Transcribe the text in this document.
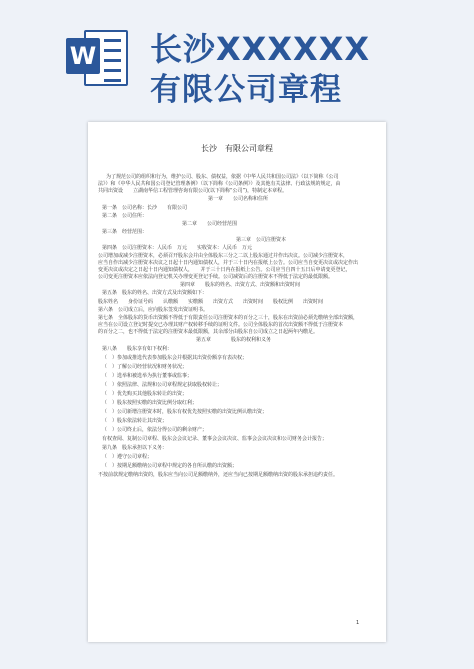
W 长沙XXXXXX
有限公司章程
长沙　有限公司章程
为了规范公司的组织和行为，维护公司、股东、债权益，依据《中华人民共和国公司法》（以下简称《公司
法》）和《中华人民共和国公司登记管理条例》（以下简称《公司条例》）及其他有关法律、行政法规的规定，由
共同出资设　　立湖南华信工程管理咨询有限公司(以下简称“公司”)，特制定本章程。
第一章　　公司名称和住所
第一条　公司名称：长沙　　有限公司
第二条　公司住所：
第二章　　公司经营范围
第三条　经营范围：
第三章　公司注册资本
第四条　公司注册资本：人民币　万元　　实收资本：人民币　万元
公司增加或减少注册资本，必须召开股东会并由全体股东三分之二以上股东通过并作出决议。公司减少注册资本，
应当自作出减少注册资本决议之日起十日内通知债权人，并于三十日内在报纸上公告。公司应当自变更决议或决定作出
变更决议或决定之日起十日内通知债权人，　　并于三十日内在报纸上公告。公司应当自四十五日后申请变更登记，
公司变更注册资本应依法向登记机关办理变更登记手续。公司减资后的注册资本不得低于法定的最低限额。
第四章　　股东的姓名、出资方式、出资额和出资时间
第五条　股东的姓名、出资方式及出资额如下：
股东姓名　　身份证号码　　认缴额　　实缴额　　出资方式　　出资时间　　股权比例　　出资时间
第六条　公司成立后，应向股东签发出资证明书。
第七条　全体股东的货币出资额不得低于有限责任公司注册资本的百分之三十，股东在出资前必须先缴纳全部出资额，
应当在公司设立登记时提交已办理其财产权转移手续的证明文件。公司全体股东的首次出资额不得低于注册资本
的百分之二，也不得低于法定的注册资本最低限额，其余部分由股东自公司成立之日起两年内缴足。
第五章　　　　股东的权利和义务
第八条　　股东享有如下权利：
（　）参加或推选代表参加股东会并根据其出资份额享有表决权；
（　）了解公司经营状况和财务状况；
（　）选举和被选举为执行董事或监事；
（　）依照法律、法规和公司章程规定获取股权转让；
（　）优先购买其他股东转让的出资；
（　）股东按照实缴的出资比例分取红利；
（　）公司新增注册资本时，股东有权优先按照实缴的出资比例认缴出资；
（　）股东依法转让其出资；
（　）公司终止后，依法分得公司的剩余财产；
有权查阅、复制公司章程、股东会会议记录、董事会会议决议、监事会会议决议和公司财务会计报告；
第九条　股东承担以下义务：
（　）遵守公司章程；
（　）按期足额缴纳公司章程中规定的各自所认缴的出资额；
不按前款规定缴纳出资的，股东应当向公司足额缴纳外，还应当向已按期足额缴纳出资的股东承担违约责任。
1
